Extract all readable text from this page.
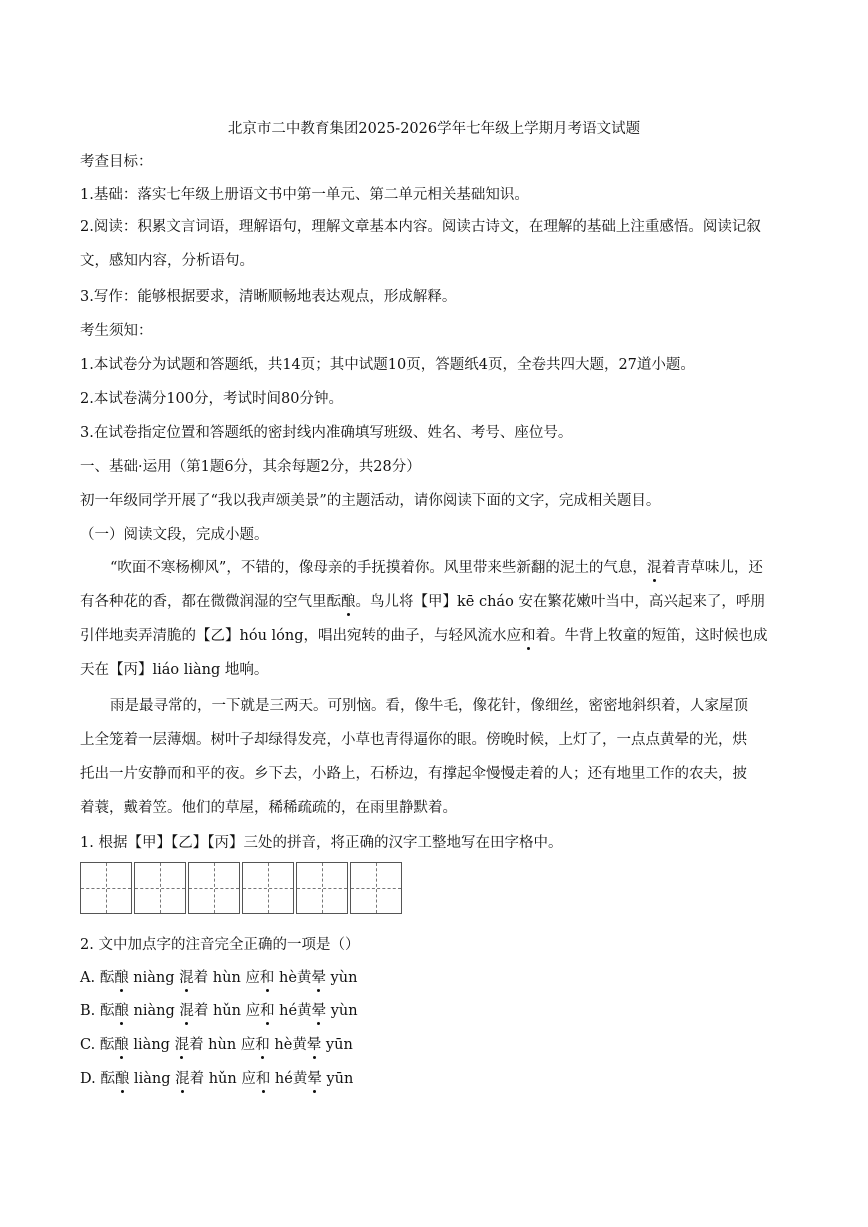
北京市二中教育集团2025-2026学年七年级上学期月考语文试题
考查目标：
1.基础：落实七年级上册语文书中第一单元、第二单元相关基础知识。
2.阅读：积累文言词语，理解语句，理解文章基本内容。阅读古诗文，在理解的基础上注重感悟。阅读记叙
文，感知内容，分析语句。
3.写作：能够根据要求，清晰顺畅地表达观点，形成解释。
考生须知：
1.本试卷分为试题和答题纸，共14页；其中试题10页，答题纸4页，全卷共四大题，27道小题。
2.本试卷满分100分，考试时间80分钟。
3.在试卷指定位置和答题纸的密封线内准确填写班级、姓名、考号、座位号。
一、基础·运用（第1题6分，其余每题2分，共28分）
初一年级同学开展了“我以我声颂美景”的主题活动，请你阅读下面的文字，完成相关题目。
（一）阅读文段，完成小题。
“吹面不寒杨柳风”，不错的，像母亲的手抚摸着你。风里带来些新翻的泥土的气息，混着青草味儿，还
有各种花的香，都在微微润湿的空气里酝酿。鸟儿将【甲】kē cháo 安在繁花嫩叶当中，高兴起来了，呼朋
引伴地卖弄清脆的【乙】hóu lóng，唱出宛转的曲子，与轻风流水应和着。牛背上牧童的短笛，这时候也成
天在【丙】liáo liàng 地响。
雨是最寻常的，一下就是三两天。可别恼。看，像牛毛，像花针，像细丝，密密地斜织着，人家屋顶
上全笼着一层薄烟。树叶子却绿得发亮，小草也青得逼你的眼。傍晚时候，上灯了，一点点黄晕的光，烘
托出一片安静而和平的夜。乡下去，小路上，石桥边，有撑起伞慢慢走着的人；还有地里工作的农夫，披
着蓑，戴着笠。他们的草屋，稀稀疏疏的，在雨里静默着。
1. 根据【甲】【乙】【丙】三处的拼音，将正确的汉字工整地写在田字格中。
2. 文中加点字的注音完全正确的一项是（）
A. 酝酿 niàng 混着 hùn 应和 hè黄晕 yùn
B. 酝酿 niàng 混着 hǔn 应和 hé黄晕 yùn
C. 酝酿 liàng 混着 hùn 应和 hè黄晕 yūn
D. 酝酿 liàng 混着 hǔn 应和 hé黄晕 yūn
